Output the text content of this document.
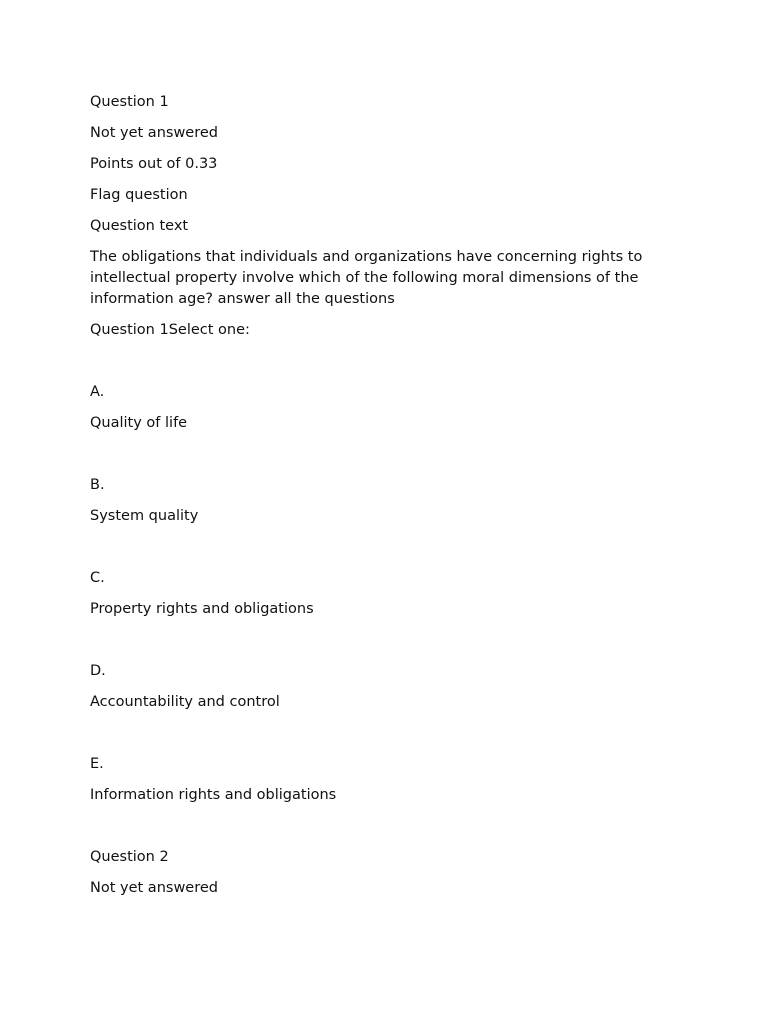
Question 1
Not yet answered
Points out of 0.33
Flag question
Question text
The obligations that individuals and organizations have concerning rights to intellectual property involve which of the following moral dimensions of the information age? answer all the questions
Question 1Select one:
A.
Quality of life
B.
System quality
C.
Property rights and obligations
D.
Accountability and control
E.
Information rights and obligations
Question 2
Not yet answered
